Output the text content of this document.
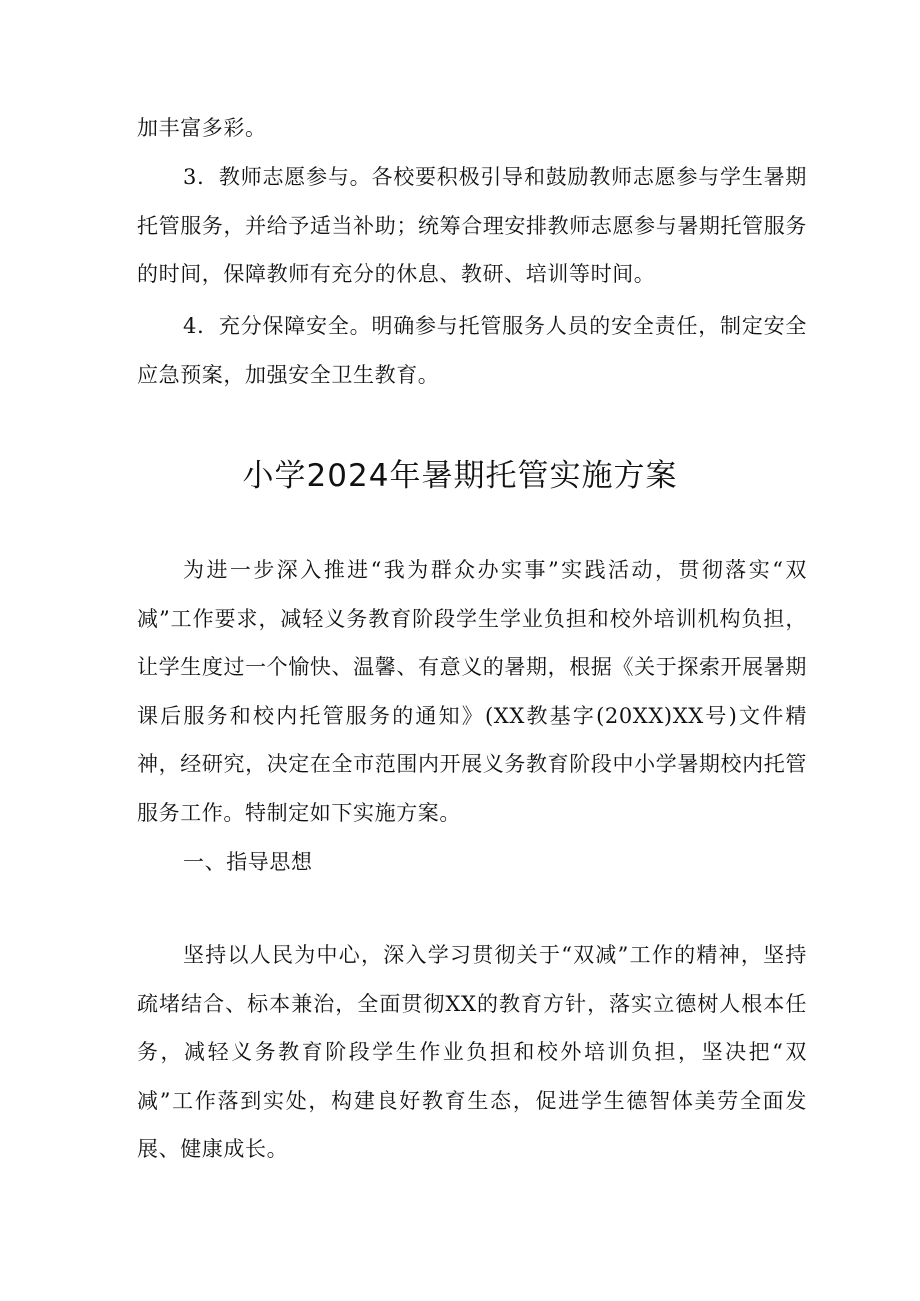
加丰富多彩。

3．教师志愿参与。各校要积极引导和鼓励教师志愿参与学生暑期托管服务，并给予适当补助；统筹合理安排教师志愿参与暑期托管服务的时间，保障教师有充分的休息、教研、培训等时间。

4．充分保障安全。明确参与托管服务人员的安全责任，制定安全应急预案，加强安全卫生教育。

小学2024年暑期托管实施方案

为进一步深入推进“我为群众办实事”实践活动，贯彻落实“双减”工作要求，减轻义务教育阶段学生学业负担和校外培训机构负担，让学生度过一个愉快、温馨、有意义的暑期，根据《关于探索开展暑期课后服务和校内托管服务的通知》(XX教基字(20XX)XX号)文件精神，经研究，决定在全市范围内开展义务教育阶段中小学暑期校内托管服务工作。特制定如下实施方案。

一、指导思想

坚持以人民为中心，深入学习贯彻关于“双减”工作的精神，坚持疏堵结合、标本兼治，全面贯彻XX的教育方针，落实立德树人根本任务，减轻义务教育阶段学生作业负担和校外培训负担，坚决把“双减”工作落到实处，构建良好教育生态，促进学生德智体美劳全面发展、健康成长。
